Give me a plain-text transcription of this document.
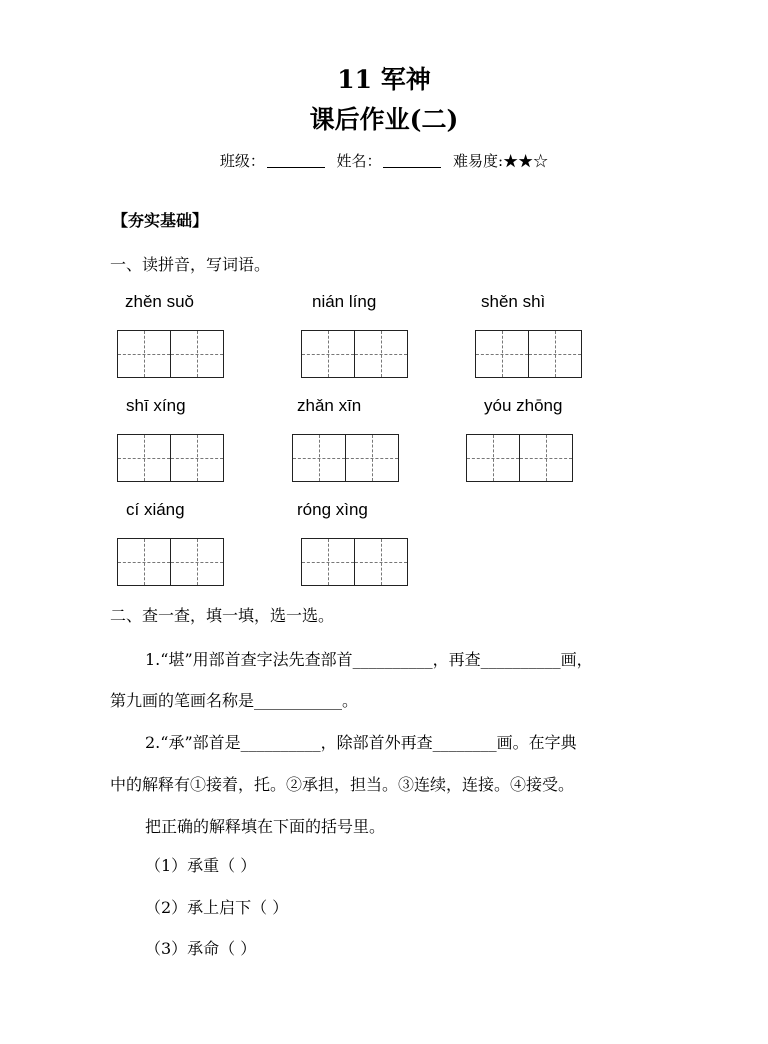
11 军神
课后作业(二)
班级：	姓名：	难易度:★★☆
【夯实基础】
一、读拼音，写词语。
zhěn suǒ	nián líng	shěn shì
shī xíng	zhǎn xīn	yóu zhōng
cí xiáng	róng xìng
二、查一查，填一填，选一选。
1.“堪”用部首查字法先查部首__________，再查__________画，
第九画的笔画名称是___________。
2.“承”部首是__________，除部首外再查________画。在字典
中的解释有①接着，托。②承担，担当。③连续，连接。④接受。
把正确的解释填在下面的括号里。
（1）承重（ ）
（2）承上启下（ ）
（3）承命（ ）
